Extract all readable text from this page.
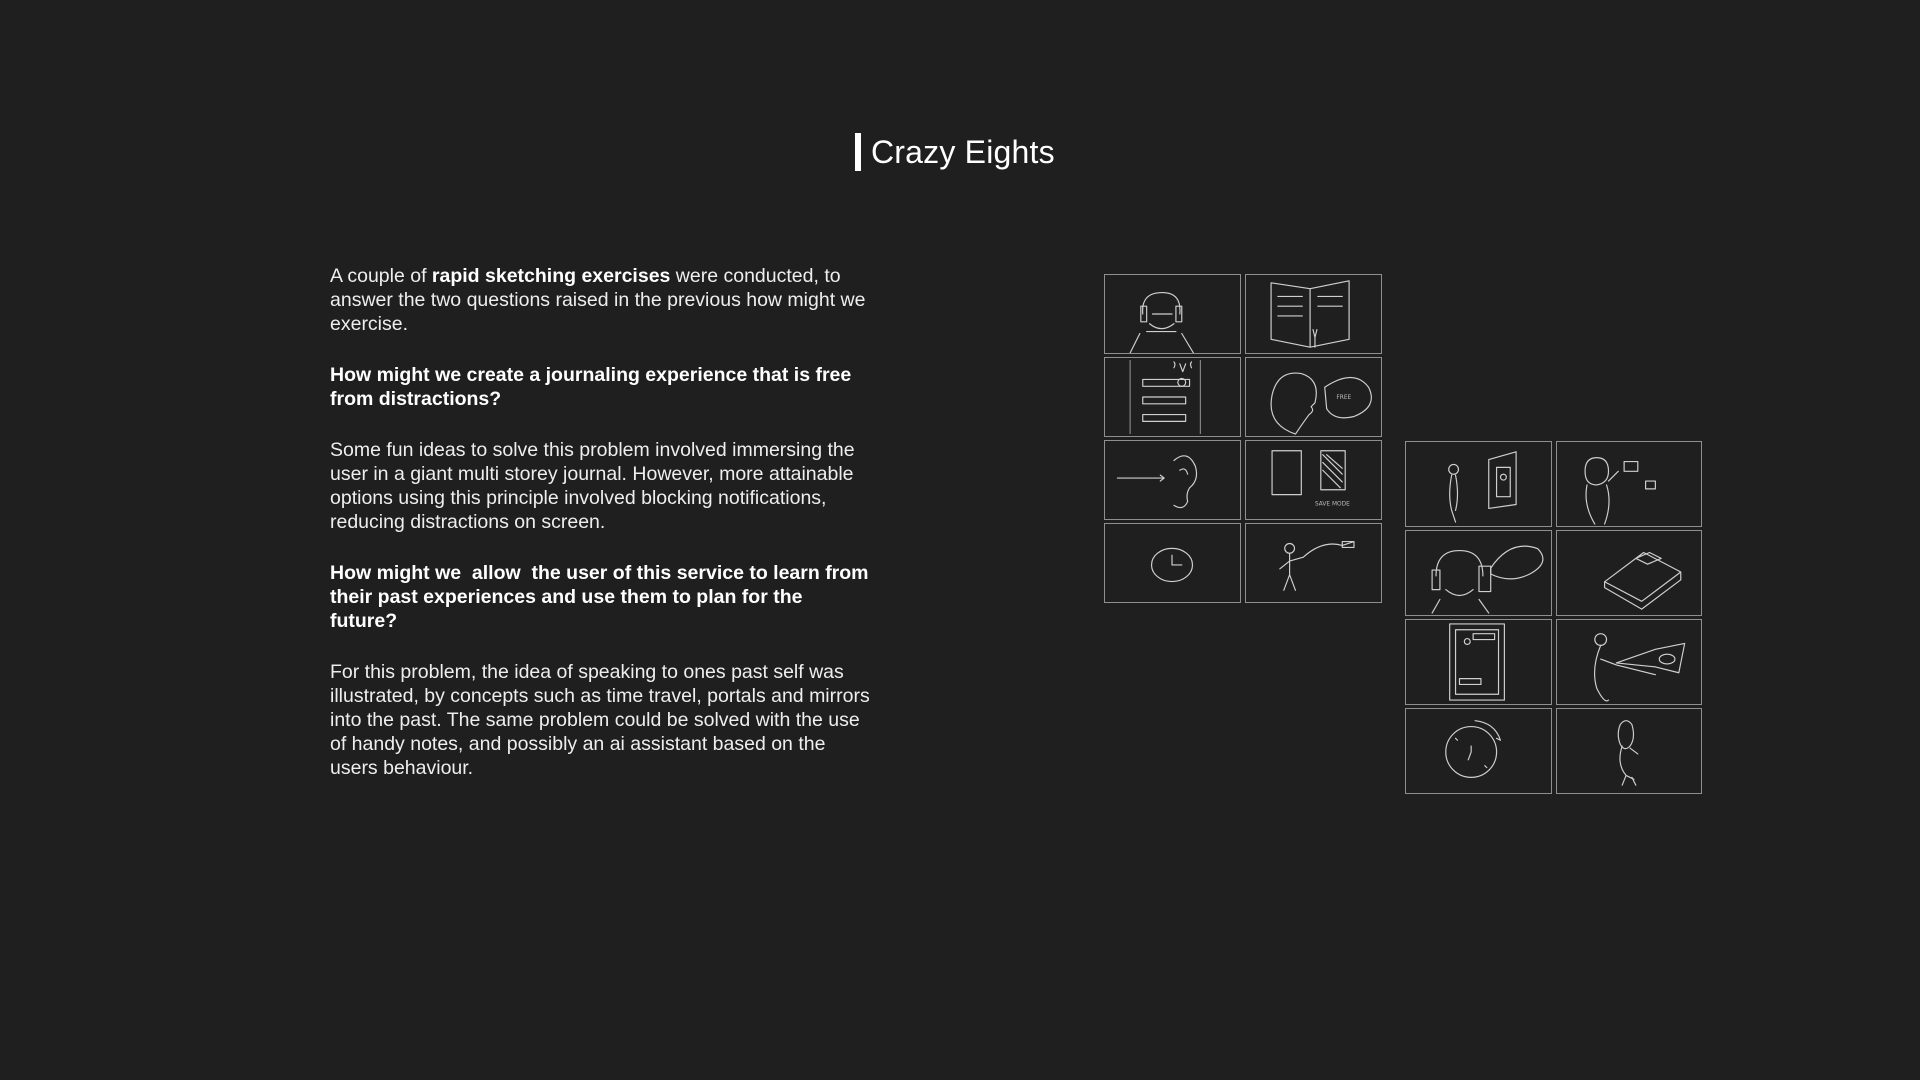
Crazy Eights

A couple of rapid sketching exercises were conducted, to answer the two questions raised in the previous how might we exercise.

How might we create a journaling experience that is free from distractions?

Some fun ideas to solve this problem involved immersing the user in a giant multi storey journal. However, more attainable options using this principle involved blocking notifications, reducing distractions on screen.

How might we  allow  the user of this service to learn from their past experiences and use them to plan for the future?

For this problem, the idea of speaking to ones past self was illustrated, by concepts such as time travel, portals and mirrors into the past. The same problem could be solved with the use of handy notes, and possibly an ai assistant based on the users behaviour.

FREE
SAVE MODE
